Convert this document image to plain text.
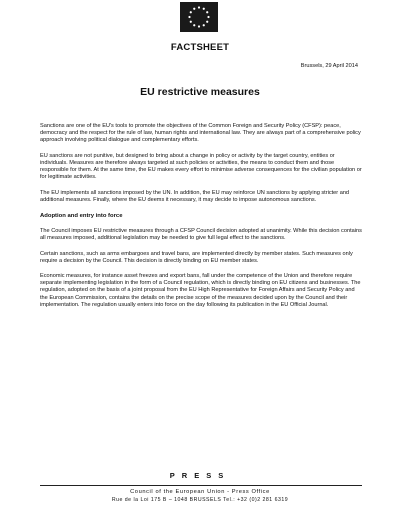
FACTSHEET
Brussels, 29 April 2014
EU restrictive measures

Sanctions are one of the EU's tools to promote the objectives of the Common Foreign and Security Policy (CFSP): peace, democracy and the respect for the rule of law, human rights and international law. They are always part of a comprehensive policy approach involving political dialogue and complementary efforts.

EU sanctions are not punitive, but designed to bring about a change in policy or activity by the target country, entities or individuals. Measures are therefore always targeted at such policies or activities, the means to conduct them and those responsible for them. At the same time, the EU makes every effort to minimise adverse consequences for the civilian population or for legitimate activities.

The EU implements all sanctions imposed by the UN. In addition, the EU may reinforce UN sanctions by applying stricter and additional measures. Finally, where the EU deems it necessary, it may decide to impose autonomous sanctions.

Adoption and entry into force

The Council imposes EU restrictive measures through a CFSP Council decision adopted at unanimity. While this decision contains all measures imposed, additional legislation may be needed to give full legal effect to the sanctions.

Certain sanctions, such as arms embargoes and travel bans, are implemented directly by member states. Such measures only require a decision by the Council. This decision is directly binding on EU member states.

Economic measures, for instance asset freezes and export bans, fall under the competence of the Union and therefore require separate implementing legislation in the form of a Council regulation, which is directly binding on EU citizens and businesses. The regulation, adopted on the basis of a joint proposal from the EU High Representative for Foreign Affairs and Security Policy and the European Commission, contains the details on the precise scope of the measures decided upon by the Council and their implementation. The regulation usually enters into force on the day following its publication in the EU Official Journal.

PRESS
Council of the European Union - Press Office
Rue de la Loi 175 B – 1048 BRUSSELS Tel.: +32 (0)2 281 6319
